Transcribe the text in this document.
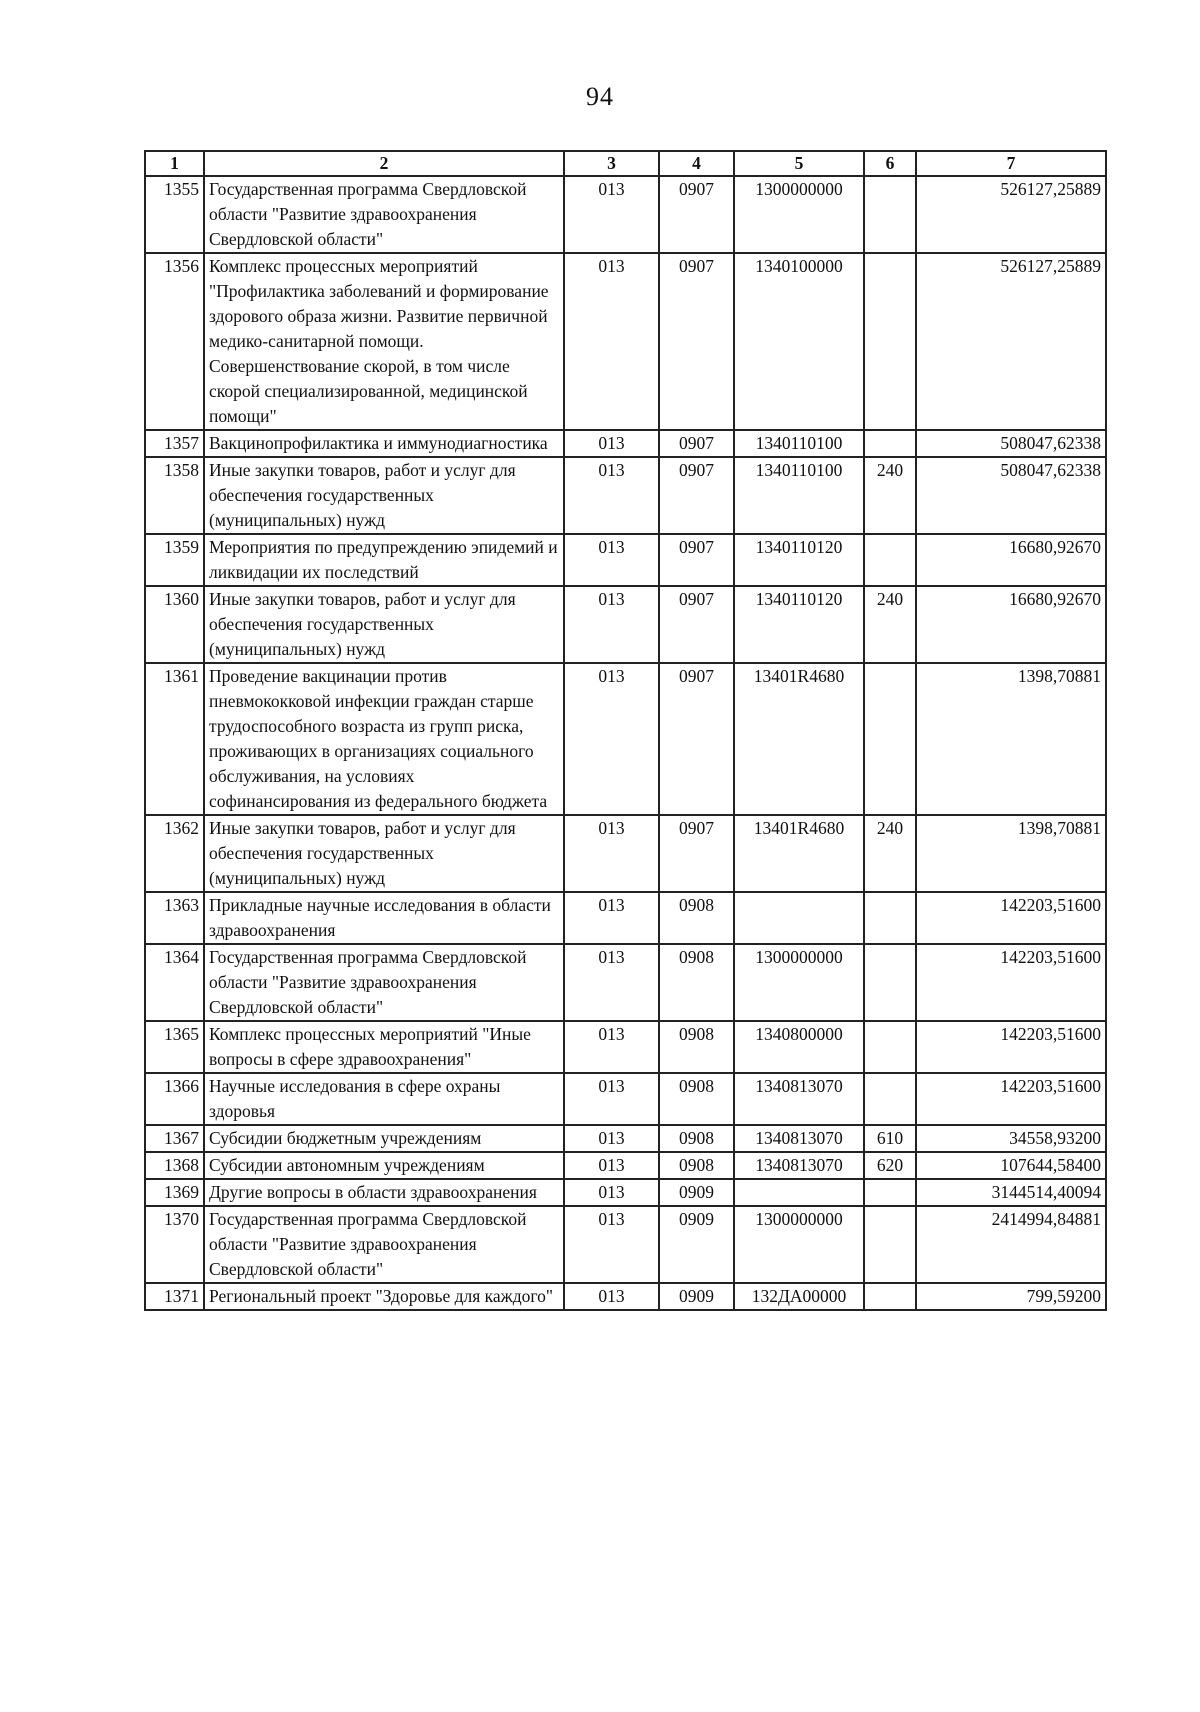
94
1	2	3	4	5	6	7
1355	Государственная программа Свердловской области "Развитие здравоохранения Свердловской области"	013	0907	1300000000		526127,25889
1356	Комплекс процессных мероприятий "Профилактика заболеваний и формирование здорового образа жизни. Развитие первичной медико-санитарной помощи. Совершенствование скорой, в том числе скорой специализированной, медицинской помощи"	013	0907	1340100000		526127,25889
1357	Вакцинопрофилактика и иммунодиагностика	013	0907	1340110100		508047,62338
1358	Иные закупки товаров, работ и услуг для обеспечения государственных (муниципальных) нужд	013	0907	1340110100	240	508047,62338
1359	Мероприятия по предупреждению эпидемий и ликвидации их последствий	013	0907	1340110120		16680,92670
1360	Иные закупки товаров, работ и услуг для обеспечения государственных (муниципальных) нужд	013	0907	1340110120	240	16680,92670
1361	Проведение вакцинации против пневмококковой инфекции граждан старше трудоспособного возраста из групп риска, проживающих в организациях социального обслуживания, на условиях софинансирования из федерального бюджета	013	0907	13401R4680		1398,70881
1362	Иные закупки товаров, работ и услуг для обеспечения государственных (муниципальных) нужд	013	0907	13401R4680	240	1398,70881
1363	Прикладные научные исследования в области здравоохранения	013	0908			142203,51600
1364	Государственная программа Свердловской области "Развитие здравоохранения Свердловской области"	013	0908	1300000000		142203,51600
1365	Комплекс процессных мероприятий "Иные вопросы в сфере здравоохранения"	013	0908	1340800000		142203,51600
1366	Научные исследования в сфере охраны здоровья	013	0908	1340813070		142203,51600
1367	Субсидии бюджетным учреждениям	013	0908	1340813070	610	34558,93200
1368	Субсидии автономным учреждениям	013	0908	1340813070	620	107644,58400
1369	Другие вопросы в области здравоохранения	013	0909			3144514,40094
1370	Государственная программа Свердловской области "Развитие здравоохранения Свердловской области"	013	0909	1300000000		2414994,84881
1371	Региональный проект "Здоровье для каждого"	013	0909	132ДА00000		799,59200
